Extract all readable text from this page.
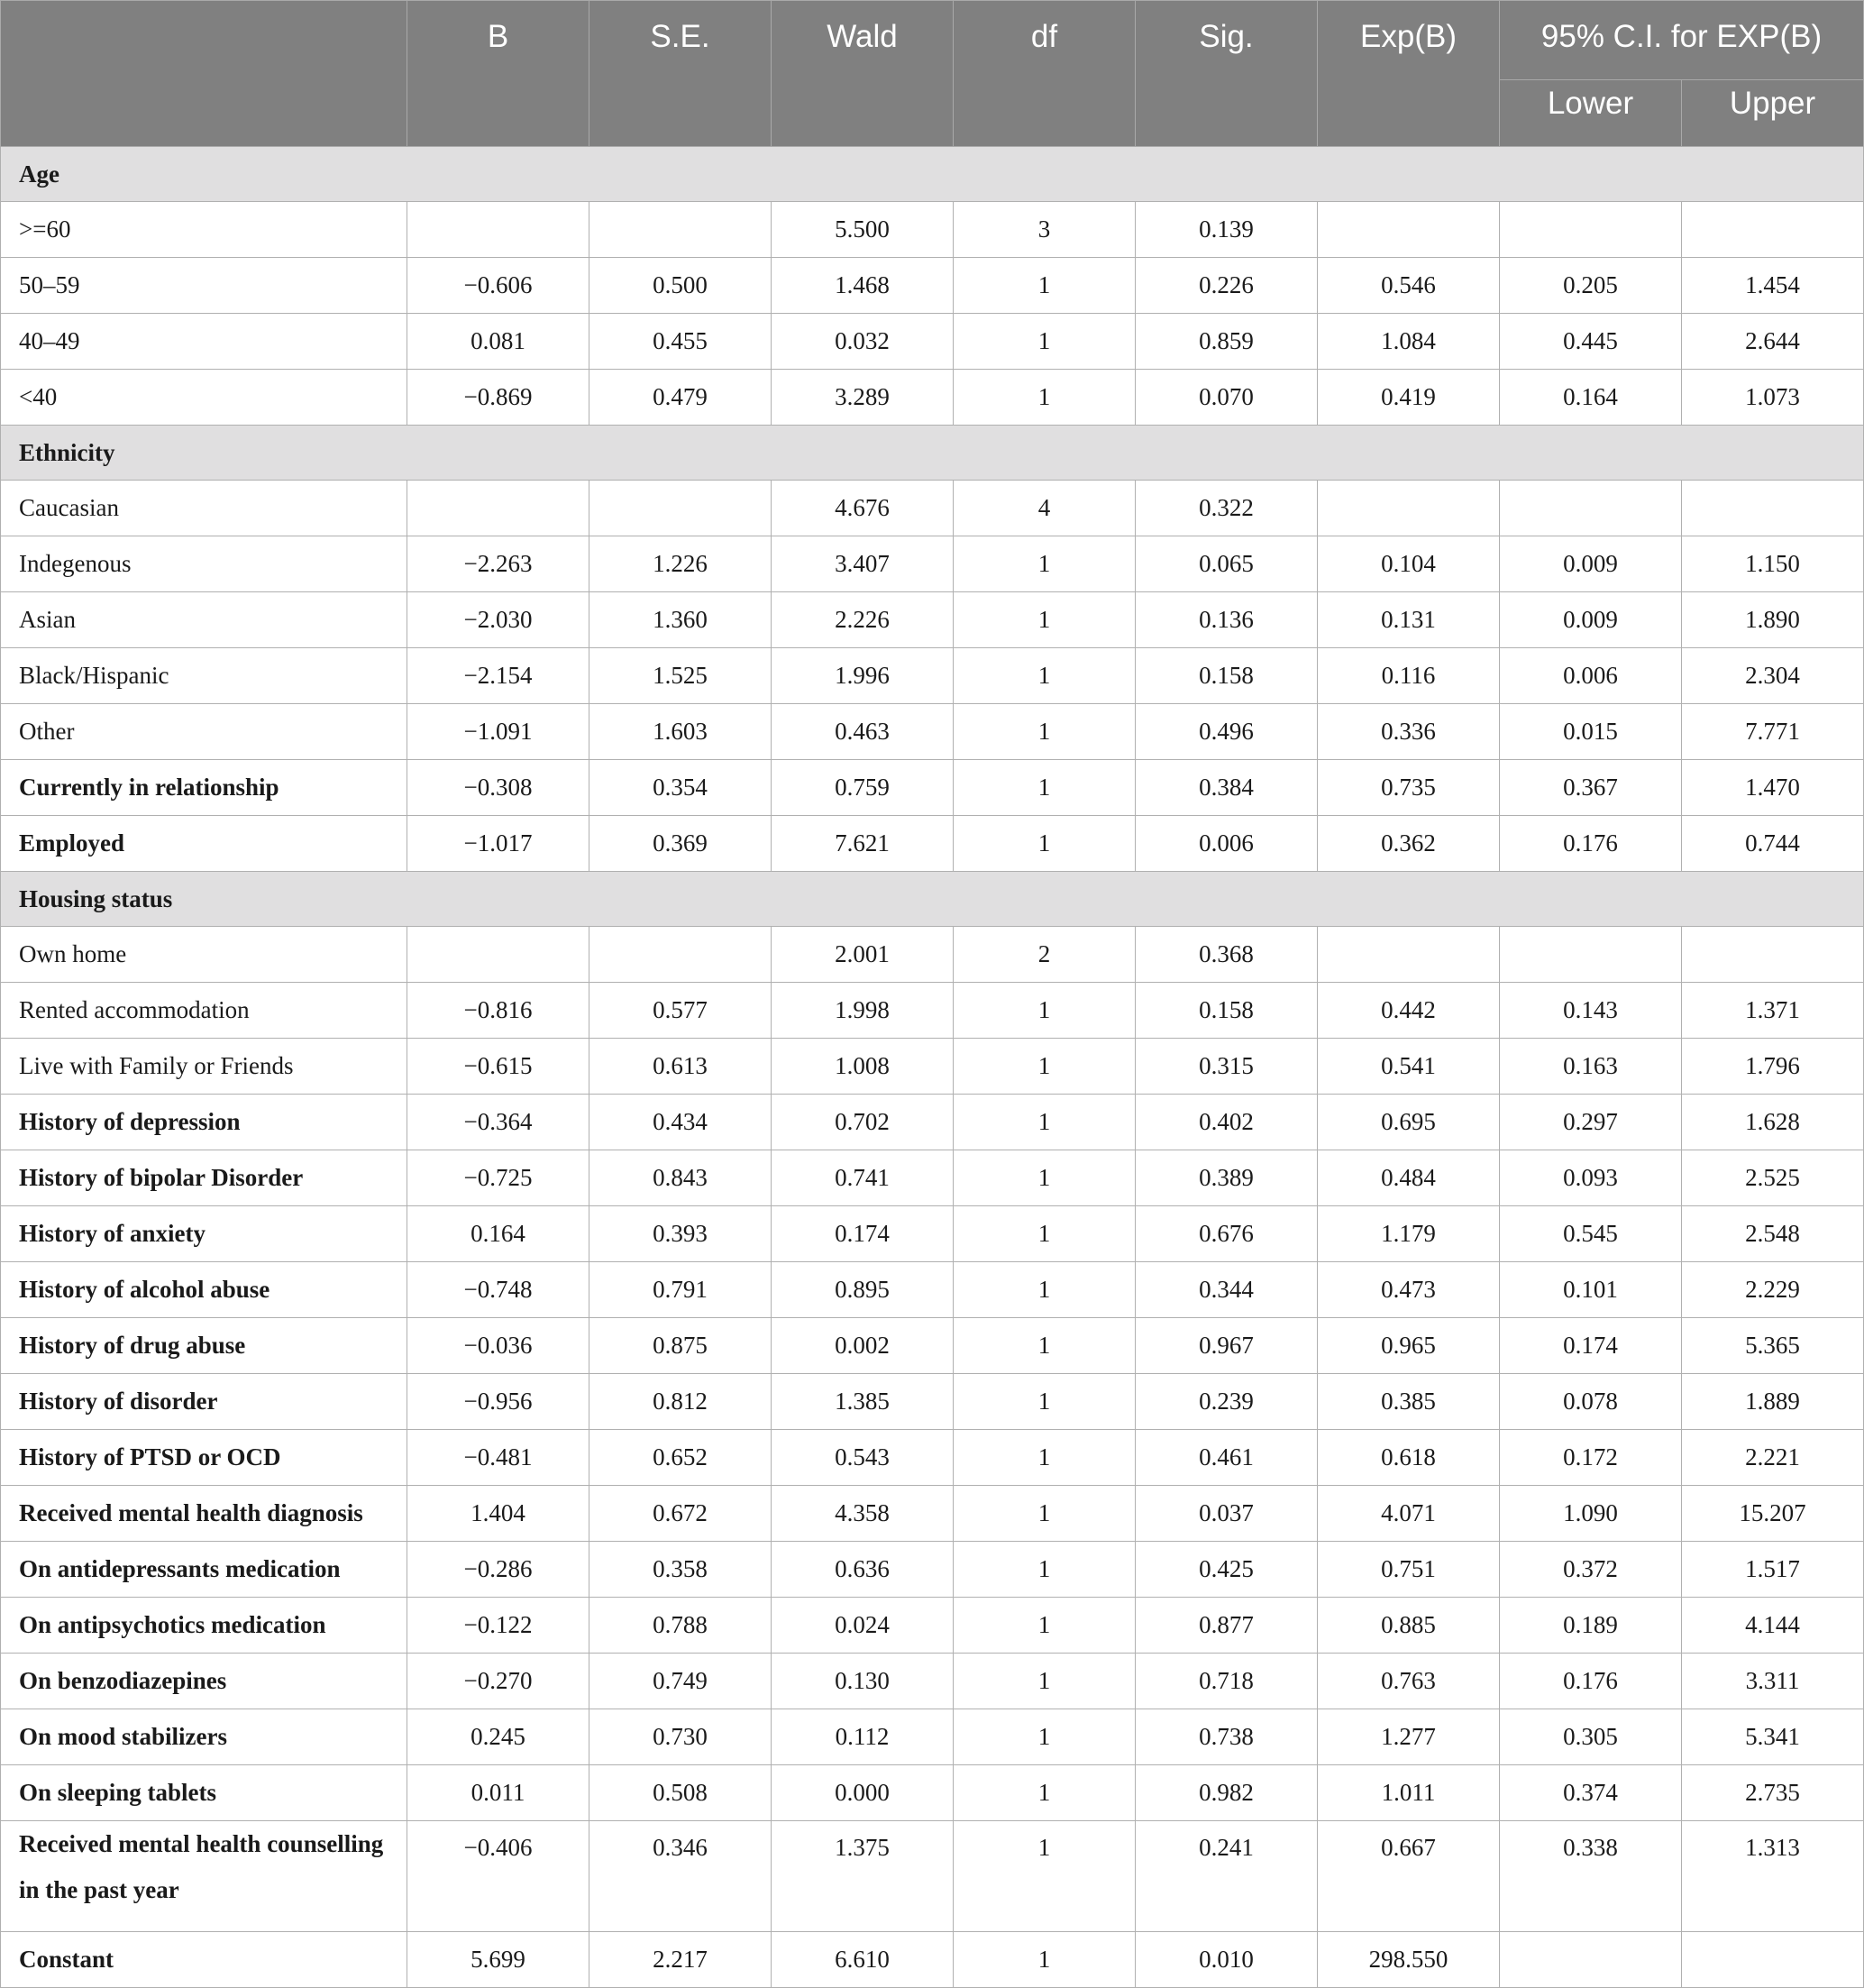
	B	S.E.	Wald	df	Sig.	Exp(B)	95% C.I. for EXP(B)	
							Lower	Upper
Age								
>=60			5.500	3	0.139			
50–59	−0.606	0.500	1.468	1	0.226	0.546	0.205	1.454
40–49	0.081	0.455	0.032	1	0.859	1.084	0.445	2.644
<40	−0.869	0.479	3.289	1	0.070	0.419	0.164	1.073
Ethnicity								
Caucasian			4.676	4	0.322			
Indegenous	−2.263	1.226	3.407	1	0.065	0.104	0.009	1.150
Asian	−2.030	1.360	2.226	1	0.136	0.131	0.009	1.890
Black/Hispanic	−2.154	1.525	1.996	1	0.158	0.116	0.006	2.304
Other	−1.091	1.603	0.463	1	0.496	0.336	0.015	7.771
Currently in relationship	−0.308	0.354	0.759	1	0.384	0.735	0.367	1.470
Employed	−1.017	0.369	7.621	1	0.006	0.362	0.176	0.744
Housing status								
Own home			2.001	2	0.368			
Rented accommodation	−0.816	0.577	1.998	1	0.158	0.442	0.143	1.371
Live with Family or Friends	−0.615	0.613	1.008	1	0.315	0.541	0.163	1.796
History of depression	−0.364	0.434	0.702	1	0.402	0.695	0.297	1.628
History of bipolar Disorder	−0.725	0.843	0.741	1	0.389	0.484	0.093	2.525
History of anxiety	0.164	0.393	0.174	1	0.676	1.179	0.545	2.548
History of alcohol abuse	−0.748	0.791	0.895	1	0.344	0.473	0.101	2.229
History of drug abuse	−0.036	0.875	0.002	1	0.967	0.965	0.174	5.365
History of disorder	−0.956	0.812	1.385	1	0.239	0.385	0.078	1.889
History of PTSD or OCD	−0.481	0.652	0.543	1	0.461	0.618	0.172	2.221
Received mental health diagnosis	1.404	0.672	4.358	1	0.037	4.071	1.090	15.207
On antidepressants medication	−0.286	0.358	0.636	1	0.425	0.751	0.372	1.517
On antipsychotics medication	−0.122	0.788	0.024	1	0.877	0.885	0.189	4.144
On benzodiazepines	−0.270	0.749	0.130	1	0.718	0.763	0.176	3.311
On mood stabilizers	0.245	0.730	0.112	1	0.738	1.277	0.305	5.341
On sleeping tablets	0.011	0.508	0.000	1	0.982	1.011	0.374	2.735
Received mental health counselling in the past year	−0.406	0.346	1.375	1	0.241	0.667	0.338	1.313
Constant	5.699	2.217	6.610	1	0.010	298.550		
